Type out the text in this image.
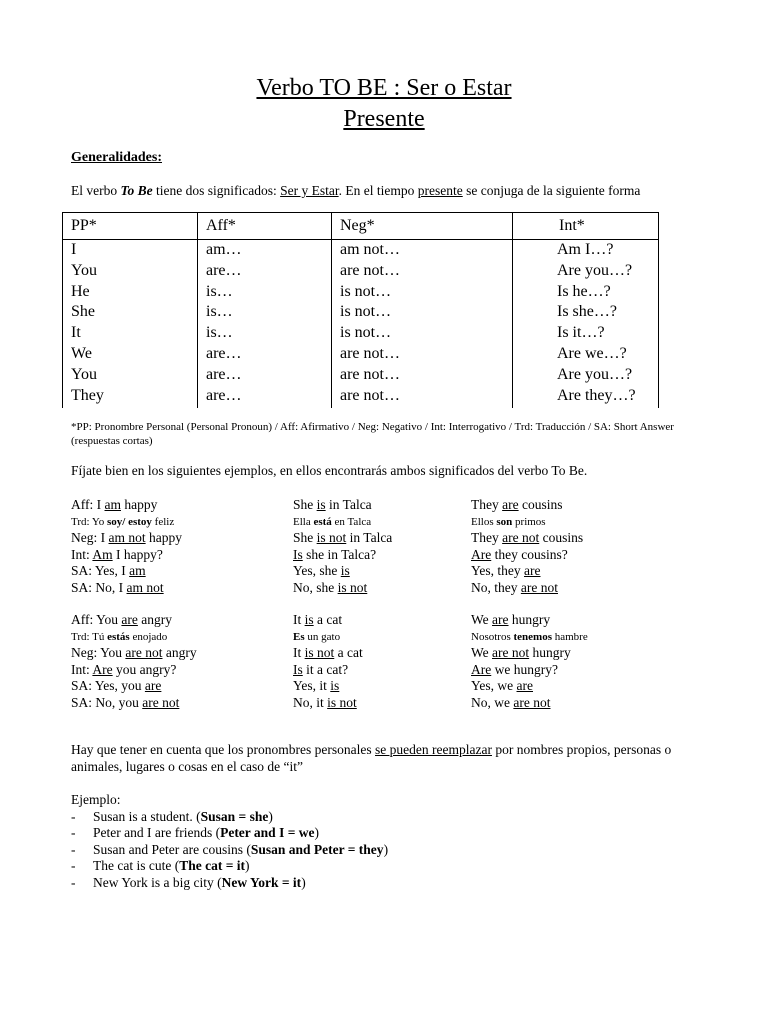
Verbo TO BE : Ser o Estar
Presente
Generalidades:
El verbo To Be tiene dos significados: Ser y Estar. En el tiempo presente se conjuga de la siguiente forma
PP*	Aff*	Neg*	Int*
I	am…	am not…	Am I…?
You	are…	are not…	Are you…?
He	is…	is not…	Is he…?
She	is…	is not…	Is she…?
It	is…	is not…	Is it…?
We	are…	are not…	Are we…?
You	are…	are not…	Are you…?
They	are…	are not…	Are they…?
*PP: Pronombre Personal (Personal Pronoun) / Aff: Afirmativo / Neg: Negativo / Int: Interrogativo / Trd: Traducción / SA: Short Answer (respuestas cortas)
Fíjate bien en los siguientes ejemplos, en ellos encontrarás ambos significados del verbo To Be.
Aff: I am happy
Trd: Yo soy/ estoy feliz
Neg: I am not happy
Int: Am I happy?
SA: Yes, I am
SA: No, I am not
She is in Talca
Ella está en Talca
She is not in Talca
Is she in Talca?
Yes, she is
No, she is not
They are cousins
Ellos son primos
They are not cousins
Are they cousins?
Yes, they are
No, they are not
Aff: You are angry
Trd: Tú estás enojado
Neg: You are not angry
Int: Are you angry?
SA: Yes, you are
SA: No, you are not
It is a cat
Es un gato
It is not a cat
Is it a cat?
Yes, it is
No, it is not
We are hungry
Nosotros tenemos hambre
We are not hungry
Are we hungry?
Yes, we are
No, we are not
Hay que tener en cuenta que los pronombres personales se pueden reemplazar por nombres propios, personas o animales, lugares o cosas en el caso de “it”
Ejemplo:
- Susan is a student. (Susan = she)
- Peter and I are friends (Peter and I = we)
- Susan and Peter are cousins (Susan and Peter = they)
- The cat is cute (The cat = it)
- New York is a big city (New York = it)
